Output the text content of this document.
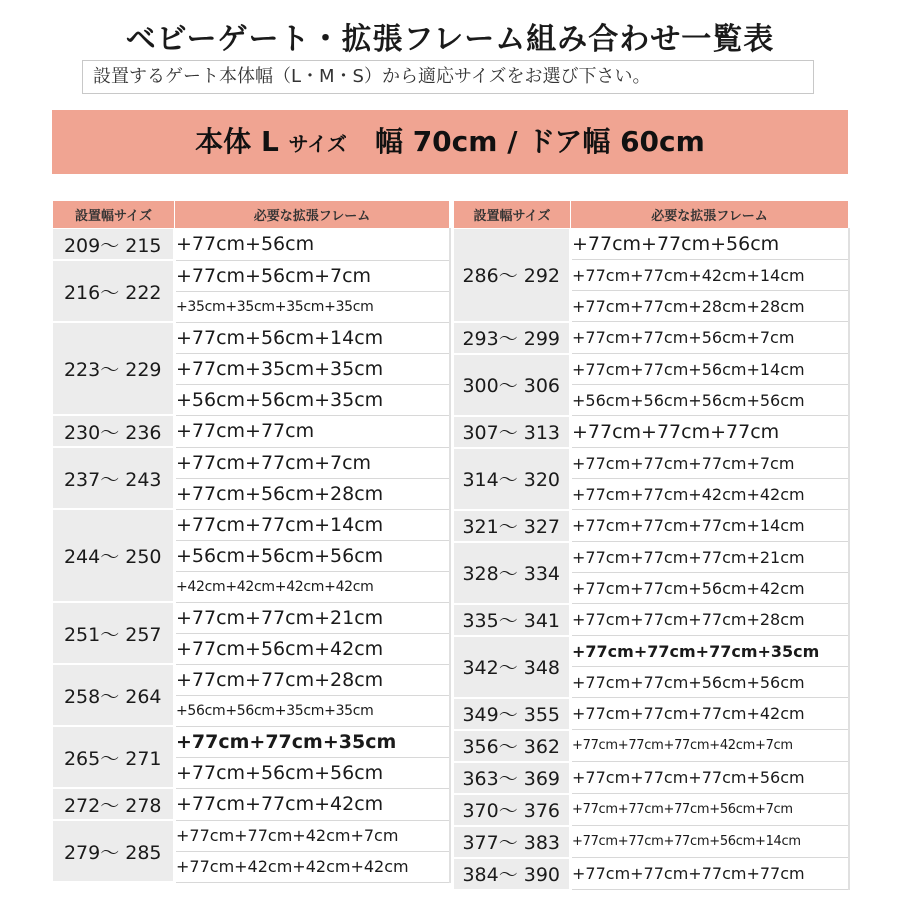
ベビーゲート・拡張フレーム組み合わせ一覧表
設置するゲート本体幅（L・M・S）から適応サイズをお選び下さい。
本体 L サイズ　 幅 70cm / ドア幅 60cm
設置幅サイズ	必要な拡張フレーム
209～ 215	+77cm+56cm
216～ 222	+77cm+56cm+7cm
	+35cm+35cm+35cm+35cm
223～ 229	+77cm+56cm+14cm
	+77cm+35cm+35cm
	+56cm+56cm+35cm
230～ 236	+77cm+77cm
237～ 243	+77cm+77cm+7cm
	+77cm+56cm+28cm
244～ 250	+77cm+77cm+14cm
	+56cm+56cm+56cm
	+42cm+42cm+42cm+42cm
251～ 257	+77cm+77cm+21cm
	+77cm+56cm+42cm
258～ 264	+77cm+77cm+28cm
	+56cm+56cm+35cm+35cm
265～ 271	+77cm+77cm+35cm
	+77cm+56cm+56cm
272～ 278	+77cm+77cm+42cm
279～ 285	+77cm+77cm+42cm+7cm
	+77cm+42cm+42cm+42cm
設置幅サイズ	必要な拡張フレーム
286～ 292	+77cm+77cm+56cm
	+77cm+77cm+42cm+14cm
	+77cm+77cm+28cm+28cm
293～ 299	+77cm+77cm+56cm+7cm
300～ 306	+77cm+77cm+56cm+14cm
	+56cm+56cm+56cm+56cm
307～ 313	+77cm+77cm+77cm
314～ 320	+77cm+77cm+77cm+7cm
	+77cm+77cm+42cm+42cm
321～ 327	+77cm+77cm+77cm+14cm
328～ 334	+77cm+77cm+77cm+21cm
	+77cm+77cm+56cm+42cm
335～ 341	+77cm+77cm+77cm+28cm
342～ 348	+77cm+77cm+77cm+35cm
	+77cm+77cm+56cm+56cm
349～ 355	+77cm+77cm+77cm+42cm
356～ 362	+77cm+77cm+77cm+42cm+7cm
363～ 369	+77cm+77cm+77cm+56cm
370～ 376	+77cm+77cm+77cm+56cm+7cm
377～ 383	+77cm+77cm+77cm+56cm+14cm
384～ 390	+77cm+77cm+77cm+77cm
